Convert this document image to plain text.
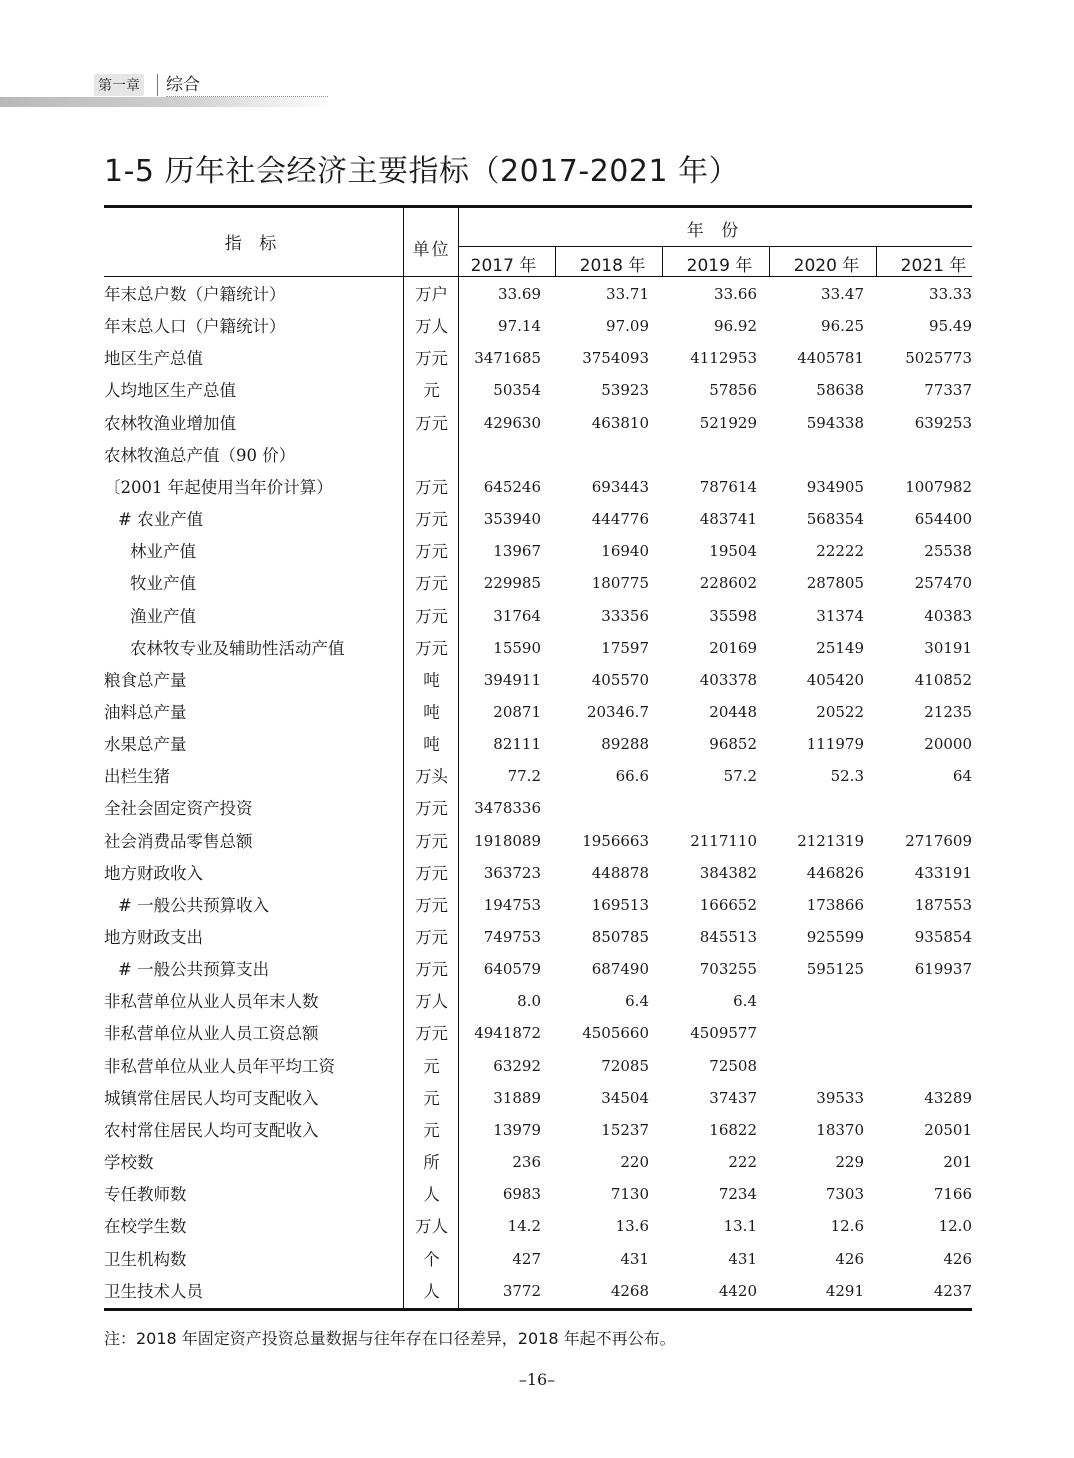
第一章 综合
1-5 历年社会经济主要指标（2017-2021 年）
指 标	单位
年 份
2017 年	2018 年	2019 年	2020 年	2021 年
年末总户数（户籍统计）	万户	33.69	33.71	33.66	33.47	33.33
年末总人口（户籍统计）	万人	97.14	97.09	96.92	96.25	95.49
地区生产总值	万元	3471685	3754093	4112953	4405781	5025773
人均地区生产总值	元	50354	53923	57856	58638	77337
农林牧渔业增加值	万元	429630	463810	521929	594338	639253
农林牧渔总产值（90 价）
〔2001 年起使用当年价计算）	万元	645246	693443	787614	934905	1007982
# 农业产值	万元	353940	444776	483741	568354	654400
林业产值	万元	13967	16940	19504	22222	25538
牧业产值	万元	229985	180775	228602	287805	257470
渔业产值	万元	31764	33356	35598	31374	40383
农林牧专业及辅助性活动产值	万元	15590	17597	20169	25149	30191
粮食总产量	吨	394911	405570	403378	405420	410852
油料总产量	吨	20871	20346.7	20448	20522	21235
水果总产量	吨	82111	89288	96852	111979	20000
出栏生猪	万头	77.2	66.6	57.2	52.3	64
全社会固定资产投资	万元	3478336
社会消费品零售总额	万元	1918089	1956663	2117110	2121319	2717609
地方财政收入	万元	363723	448878	384382	446826	433191
# 一般公共预算收入	万元	194753	169513	166652	173866	187553
地方财政支出	万元	749753	850785	845513	925599	935854
# 一般公共预算支出	万元	640579	687490	703255	595125	619937
非私营单位从业人员年末人数	万人	8.0	6.4	6.4
非私营单位从业人员工资总额	万元	4941872	4505660	4509577
非私营单位从业人员年平均工资	元	63292	72085	72508
城镇常住居民人均可支配收入	元	31889	34504	37437	39533	43289
农村常住居民人均可支配收入	元	13979	15237	16822	18370	20501
学校数	所	236	220	222	229	201
专任教师数	人	6983	7130	7234	7303	7166
在校学生数	万人	14.2	13.6	13.1	12.6	12.0
卫生机构数	个	427	431	431	426	426
卫生技术人员	人	3772	4268	4420	4291	4237
注：2018 年固定资产投资总量数据与往年存在口径差异，2018 年起不再公布。
–16–
